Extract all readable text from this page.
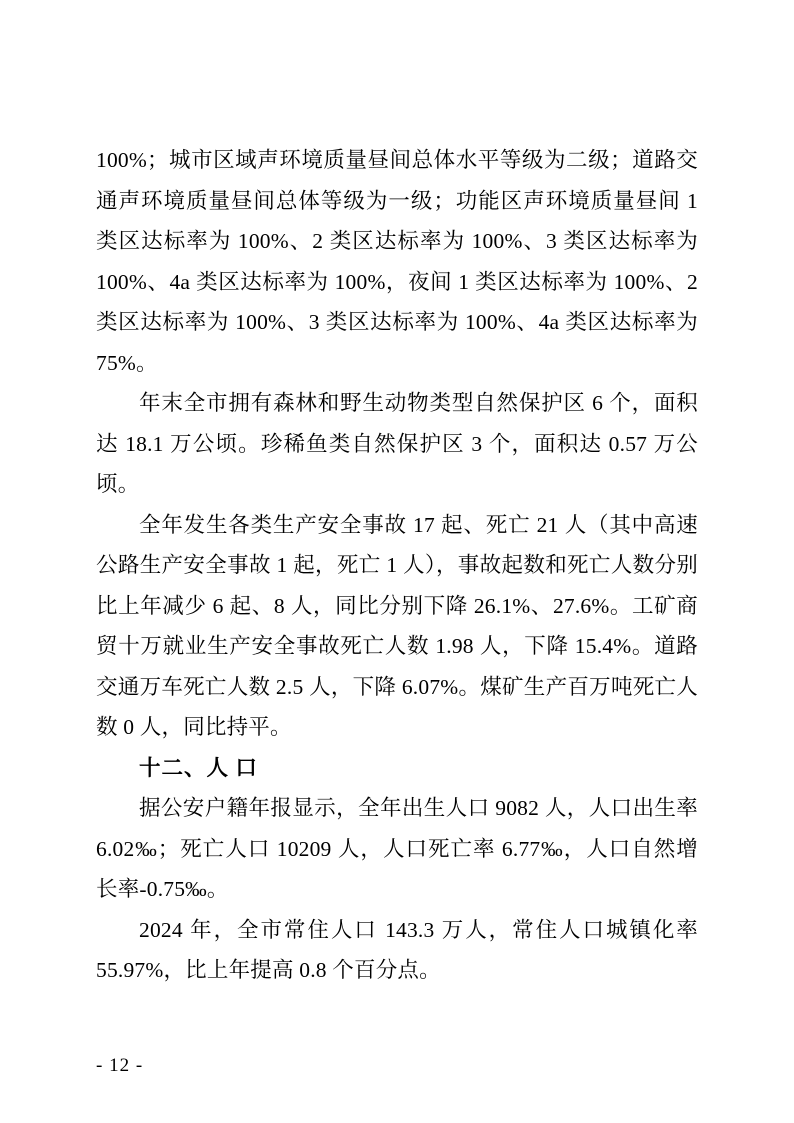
100%；城市区域声环境质量昼间总体水平等级为二级；道路交通声环境质量昼间总体等级为一级；功能区声环境质量昼间 1 类区达标率为 100%、2 类区达标率为 100%、3 类区达标率为 100%、4a 类区达标率为 100%，夜间 1 类区达标率为 100%、2 类区达标率为 100%、3 类区达标率为 100%、4a 类区达标率为 75%。

年末全市拥有森林和野生动物类型自然保护区 6 个，面积达 18.1 万公顷。珍稀鱼类自然保护区 3 个，面积达 0.57 万公顷。

全年发生各类生产安全事故 17 起、死亡 21 人（其中高速公路生产安全事故 1 起，死亡 1 人），事故起数和死亡人数分别比上年减少 6 起、8 人，同比分别下降 26.1%、27.6%。工矿商贸十万就业生产安全事故死亡人数 1.98 人，下降 15.4%。道路交通万车死亡人数 2.5 人，下降 6.07%。煤矿生产百万吨死亡人数 0 人，同比持平。

十二、人 口

据公安户籍年报显示，全年出生人口 9082 人，人口出生率 6.02‰；死亡人口 10209 人，人口死亡率 6.77‰，人口自然增长率-0.75‰。

2024 年，全市常住人口 143.3 万人，常住人口城镇化率 55.97%，比上年提高 0.8 个百分点。

- 12 -
